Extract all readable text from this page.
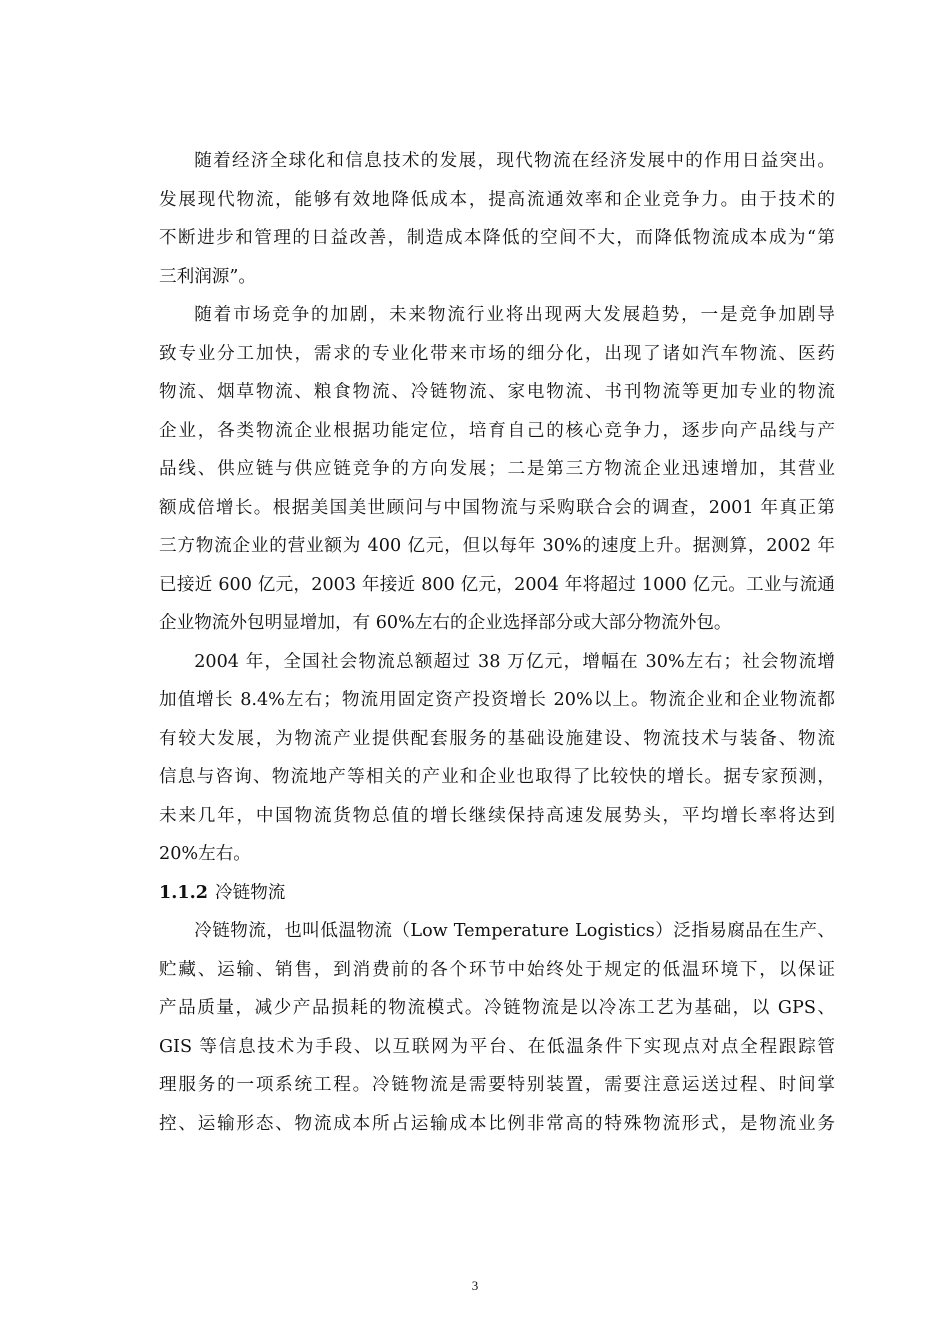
随着经济全球化和信息技术的发展，现代物流在经济发展中的作用日益突出。
发展现代物流，能够有效地降低成本，提高流通效率和企业竞争力。由于技术的
不断进步和管理的日益改善，制造成本降低的空间不大，而降低物流成本成为“第
三利润源”。
随着市场竞争的加剧，未来物流行业将出现两大发展趋势，一是竞争加剧导
致专业分工加快，需求的专业化带来市场的细分化，出现了诸如汽车物流、医药
物流、烟草物流、粮食物流、冷链物流、家电物流、书刊物流等更加专业的物流
企业，各类物流企业根据功能定位，培育自己的核心竞争力，逐步向产品线与产
品线、供应链与供应链竞争的方向发展；二是第三方物流企业迅速增加，其营业
额成倍增长。根据美国美世顾问与中国物流与采购联合会的调查，2001 年真正第
三方物流企业的营业额为 400 亿元，但以每年 30%的速度上升。据测算，2002 年
已接近 600 亿元，2003 年接近 800 亿元，2004 年将超过 1000 亿元。工业与流通
企业物流外包明显增加，有 60%左右的企业选择部分或大部分物流外包。
2004 年，全国社会物流总额超过 38 万亿元，增幅在 30%左右；社会物流增
加值增长 8.4%左右；物流用固定资产投资增长 20%以上。物流企业和企业物流都
有较大发展，为物流产业提供配套服务的基础设施建设、物流技术与装备、物流
信息与咨询、物流地产等相关的产业和企业也取得了比较快的增长。据专家预测，
未来几年，中国物流货物总值的增长继续保持高速发展势头，平均增长率将达到
20%左右。
1.1.2 冷链物流
冷链物流，也叫低温物流（Low Temperature Logistics）泛指易腐品在生产、
贮藏、运输、销售，到消费前的各个环节中始终处于规定的低温环境下，以保证
产品质量，减少产品损耗的物流模式。冷链物流是以冷冻工艺为基础，以 GPS、
GIS 等信息技术为手段、以互联网为平台、在低温条件下实现点对点全程跟踪管
理服务的一项系统工程。冷链物流是需要特别装置，需要注意运送过程、时间掌
控、运输形态、物流成本所占运输成本比例非常高的特殊物流形式，是物流业务
3
